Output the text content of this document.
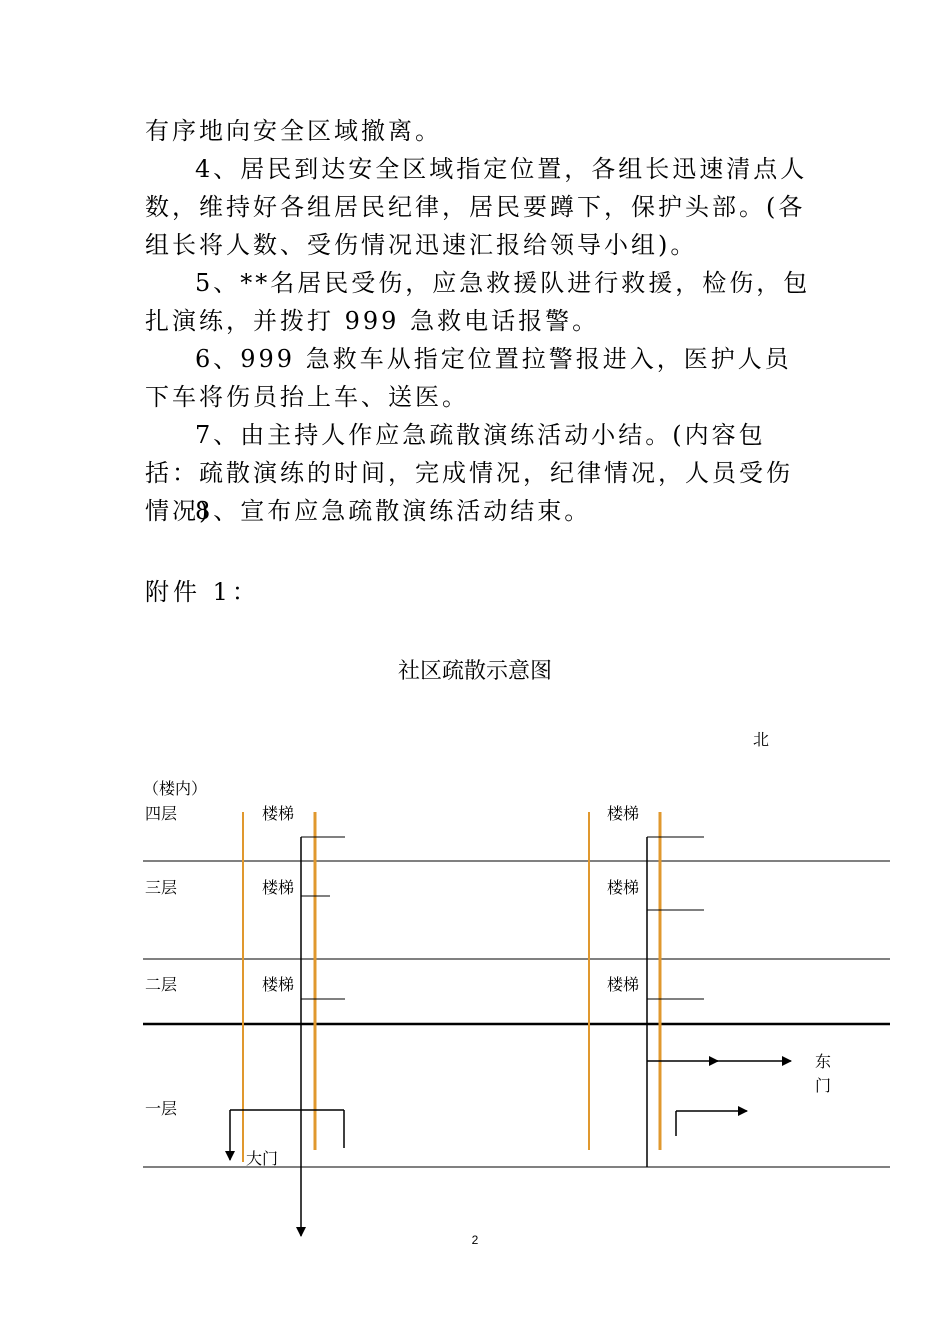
有序地向安全区域撤离。

4、居民到达安全区域指定位置，各组长迅速清点人数，维持好各组居民纪律，居民要蹲下，保护头部。(各组长将人数、受伤情况迅速汇报给领导小组)。

5、**名居民受伤，应急救援队进行救援，检伤，包扎演练，并拨打 999 急救电话报警。

6、999 急救车从指定位置拉警报进入，医护人员下车将伤员抬上车、送医。

7、由主持人作应急疏散演练活动小结。(内容包括：疏散演练的时间，完成情况，纪律情况，人员受伤情况)

8、宣布应急疏散演练活动结束。

附件 1：

社区疏散示意图

北
（楼内）
四层
三层
二层
一层
楼梯
楼梯
楼梯
楼梯
楼梯
楼梯
大门
东门
2
